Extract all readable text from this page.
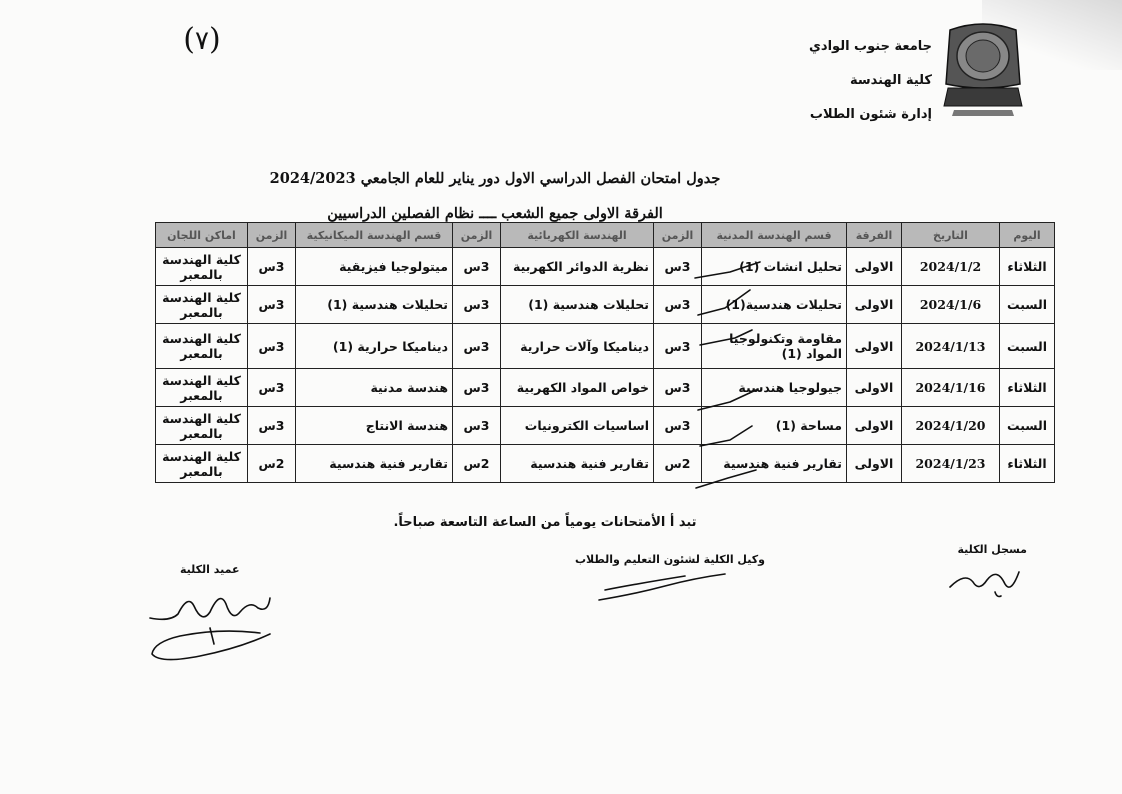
(٧)	جامعة جنوب الوادي
كلية الهندسة
إدارة شئون الطلاب
جدول امتحان الفصل الدراسي الاول دور يناير للعام الجامعي 2024/2023
الفرقة الاولى جميع الشعب ــــ نظام الفصلين الدراسيين
اليوم	التاريخ	الفرقة	قسم الهندسة المدنية	الزمن	الهندسة الكهربائية	الزمن	قسم الهندسة الميكانيكية	الزمن	اماكن اللجان
الثلاثاء	2024/1/2	الاولى	تحليل انشات (1)	3س	نظرية الدوائر الكهربية	3س	ميتولوجيا فيزيقية	3س	كلية الهندسة بالمعبر
السبت	2024/1/6	الاولى	تحليلات هندسية(1)	3س	تحليلات هندسية (1)	3س	تحليلات هندسية (1)	3س	كلية الهندسة بالمعبر
السبت	2024/1/13	الاولى	مقاومة وتكنولوجيا المواد (1)	3س	ديناميكا وآلات حرارية	3س	ديناميكا حرارية (1)	3س	كلية الهندسة بالمعبر
الثلاثاء	2024/1/16	الاولى	جيولوجيا هندسية	3س	خواص المواد الكهربية	3س	هندسة مدنية	3س	كلية الهندسة بالمعبر
السبت	2024/1/20	الاولى	مساحة (1)	3س	اساسيات الكترونيات	3س	هندسة الانتاج	3س	كلية الهندسة بالمعبر
الثلاثاء	2024/1/23	الاولى	تقارير فنية هندسية	2س	تقارير فنية هندسية	2س	تقارير فنية هندسية	2س	كلية الهندسة بالمعبر
تبد أ الأمتحانات يومياً من الساعة التاسعة صباحاً.
مسجل الكلية
وكيل الكلية لشئون التعليم والطلاب
عميد الكلية
